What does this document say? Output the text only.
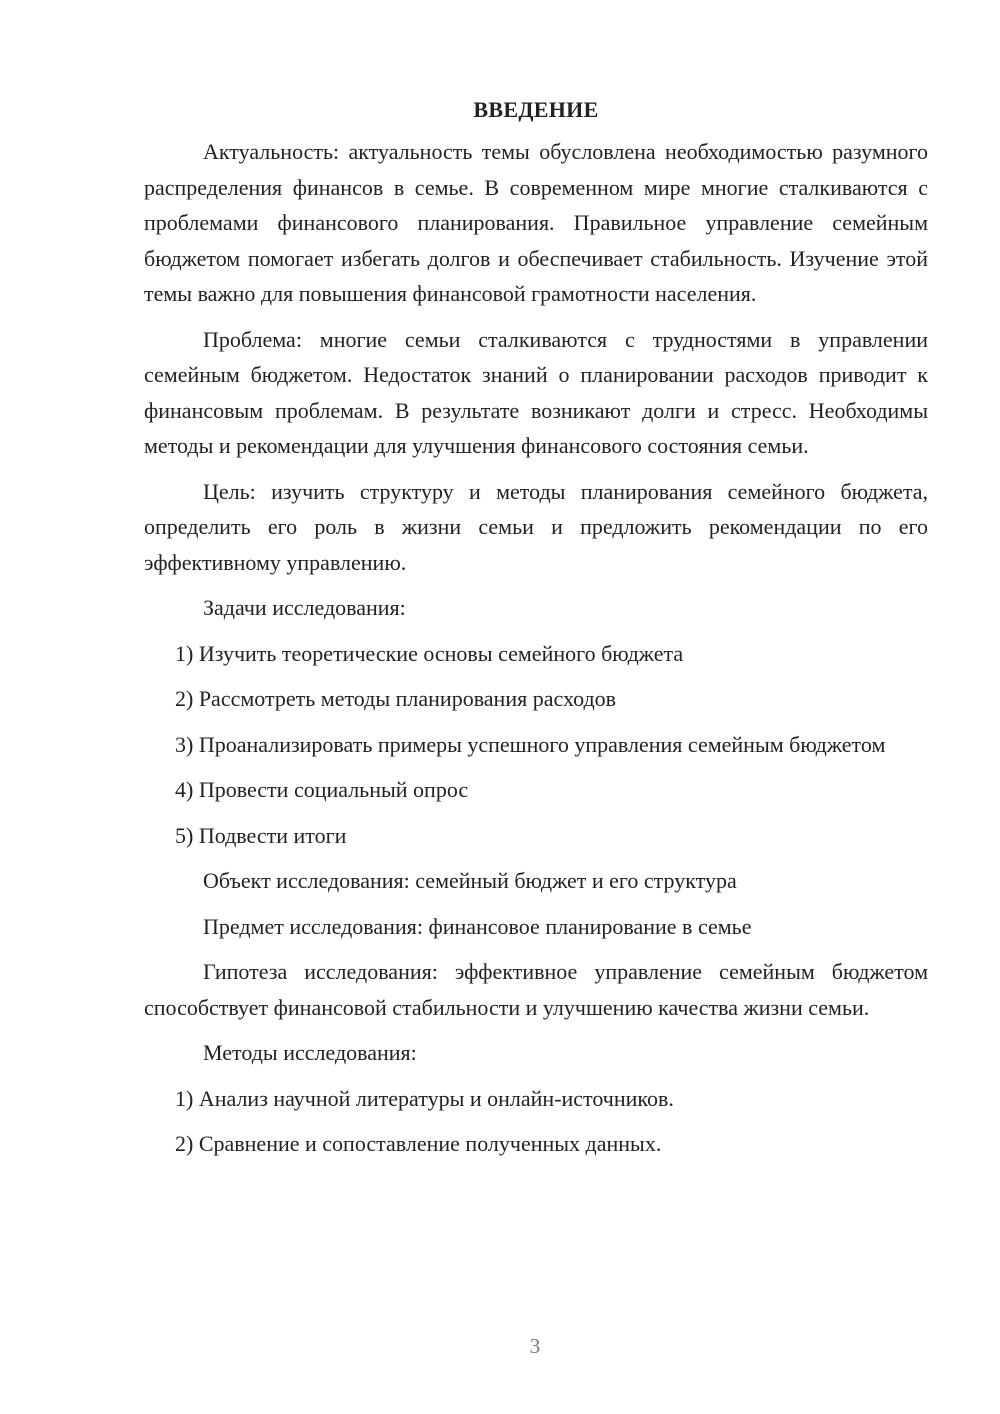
ВВЕДЕНИЕ

Актуальность: актуальность темы обусловлена необходимостью разумного распределения финансов в семье. В современном мире многие сталкиваются с проблемами финансового планирования. Правильное управление семейным бюджетом помогает избегать долгов и обеспечивает стабильность. Изучение этой темы важно для повышения финансовой грамотности населения.

Проблема: многие семьи сталкиваются с трудностями в управлении семейным бюджетом. Недостаток знаний о планировании расходов приводит к финансовым проблемам. В результате возникают долги и стресс. Необходимы методы и рекомендации для улучшения финансового состояния семьи.

Цель: изучить структуру и методы планирования семейного бюджета, определить его роль в жизни семьи и предложить рекомендации по его эффективному управлению.

Задачи исследования:

1) Изучить теоретические основы семейного бюджета

2) Рассмотреть методы планирования расходов

3) Проанализировать примеры успешного управления семейным бюджетом

4) Провести социальный опрос

5) Подвести итоги

Объект исследования: семейный бюджет и его структура

Предмет исследования: финансовое планирование в семье

Гипотеза исследования: эффективное управление семейным бюджетом способствует финансовой стабильности и улучшению качества жизни семьи.

Методы исследования:

1) Анализ научной литературы и онлайн-источников.

2) Сравнение и сопоставление полученных данных.

3
